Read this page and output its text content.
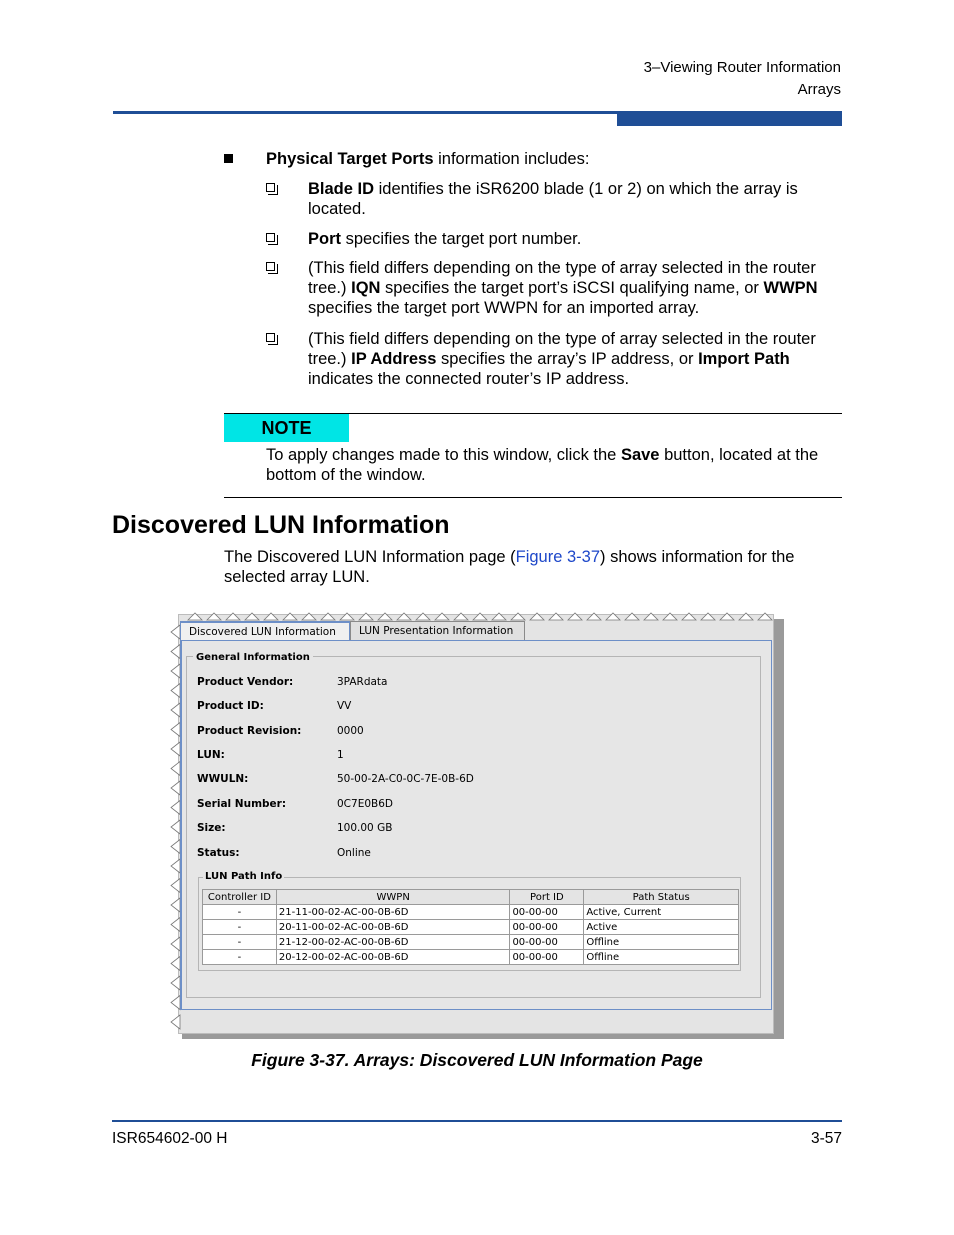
3–Viewing Router Information
Arrays
Physical Target Ports information includes:
Blade ID identifies the iSR6200 blade (1 or 2) on which the array is located.
Port specifies the target port number.
(This field differs depending on the type of array selected in the router tree.) IQN specifies the target port’s iSCSI qualifying name, or WWPN specifies the target port WWPN for an imported array.
(This field differs depending on the type of array selected in the router tree.) IP Address specifies the array’s IP address, or Import Path indicates the connected router’s IP address.
NOTE
To apply changes made to this window, click the Save button, located at the bottom of the window.
Discovered LUN Information
The Discovered LUN Information page (Figure 3-37) shows information for the selected array LUN.
Discovered LUN Information	LUN Presentation Information
General Information
Product Vendor:	3PARdata
Product ID:	VV
Product Revision:	0000
LUN:	1
WWULN:	50-00-2A-C0-0C-7E-0B-6D
Serial Number:	0C7E0B6D
Size:	100.00 GB
Status:	Online
LUN Path Info
Controller ID	WWPN	Port ID	Path Status
-	21-11-00-02-AC-00-0B-6D	00-00-00	Active, Current
-	20-11-00-02-AC-00-0B-6D	00-00-00	Active
-	21-12-00-02-AC-00-0B-6D	00-00-00	Offline
-	20-12-00-02-AC-00-0B-6D	00-00-00	Offline
Figure 3-37. Arrays: Discovered LUN Information Page
ISR654602-00 H	3-57
